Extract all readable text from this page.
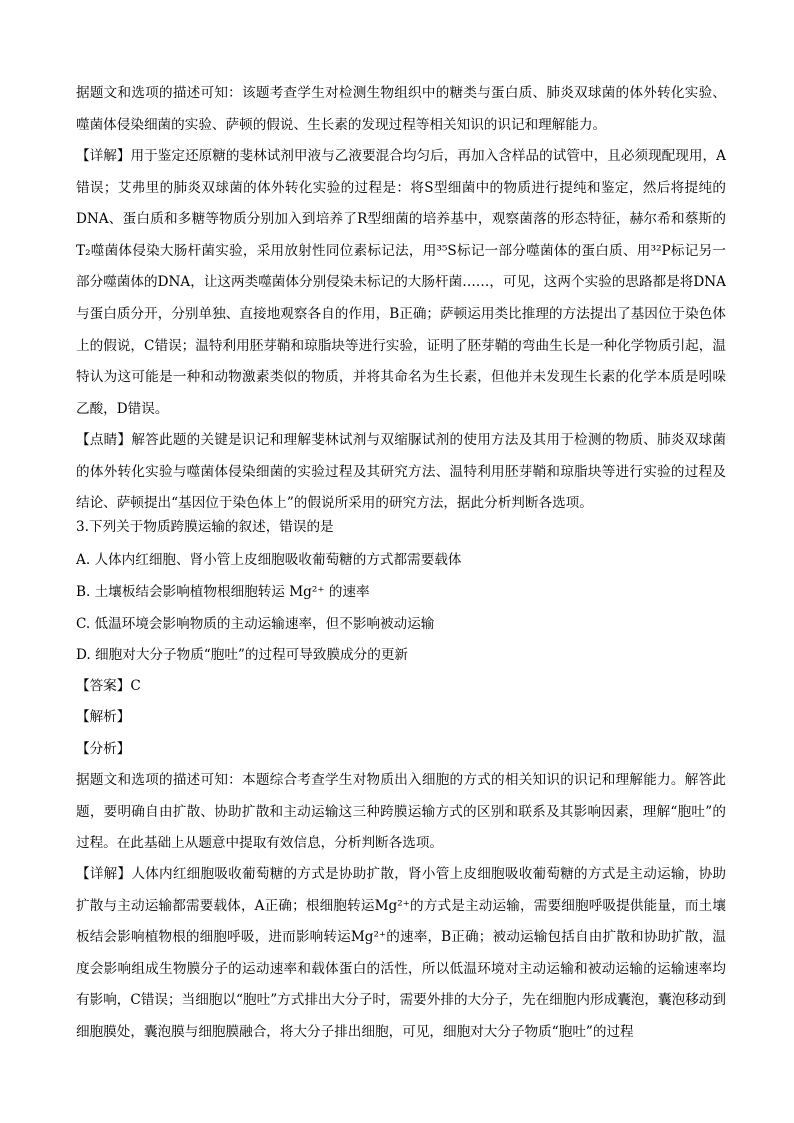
据题文和选项的描述可知：该题考查学生对检测生物组织中的糖类与蛋白质、肺炎双球菌的体外转化实验、噬菌体侵染细菌的实验、萨顿的假说、生长素的发现过程等相关知识的识记和理解能力。

【详解】用于鉴定还原糖的斐林试剂甲液与乙液要混合均匀后，再加入含样品的试管中，且必须现配现用，A错误；艾弗里的肺炎双球菌的体外转化实验的过程是：将S型细菌中的物质进行提纯和鉴定，然后将提纯的DNA、蛋白质和多糖等物质分别加入到培养了R型细菌的培养基中，观察菌落的形态特征，赫尔希和蔡斯的T₂噬菌体侵染大肠杆菌实验，采用放射性同位素标记法，用³⁵S标记一部分噬菌体的蛋白质、用³²P标记另一部分噬菌体的DNA，让这两类噬菌体分别侵染未标记的大肠杆菌……，可见，这两个实验的思路都是将DNA与蛋白质分开，分别单独、直接地观察各自的作用，B正确；萨顿运用类比推理的方法提出了基因位于染色体上的假说，C错误；温特利用胚芽鞘和琼脂块等进行实验，证明了胚芽鞘的弯曲生长是一种化学物质引起，温特认为这可能是一种和动物激素类似的物质，并将其命名为生长素，但他并未发现生长素的化学本质是吲哚乙酸，D错误。

【点睛】解答此题的关键是识记和理解斐林试剂与双缩脲试剂的使用方法及其用于检测的物质、肺炎双球菌的体外转化实验与噬菌体侵染细菌的实验过程及其研究方法、温特利用胚芽鞘和琼脂块等进行实验的过程及结论、萨顿提出“基因位于染色体上”的假说所采用的研究方法，据此分析判断各选项。

3.下列关于物质跨膜运输的叙述，错误的是

A. 人体内红细胞、肾小管上皮细胞吸收葡萄糖的方式都需要载体

B. 土壤板结会影响植物根细胞转运 Mg²⁺ 的速率

C. 低温环境会影响物质的主动运输速率，但不影响被动运输

D. 细胞对大分子物质“胞吐”的过程可导致膜成分的更新

【答案】C

【解析】

【分析】

据题文和选项的描述可知：本题综合考查学生对物质出入细胞的方式的相关知识的识记和理解能力。解答此题，要明确自由扩散、协助扩散和主动运输这三种跨膜运输方式的区别和联系及其影响因素，理解“胞吐”的过程。在此基础上从题意中提取有效信息，分析判断各选项。

【详解】人体内红细胞吸收葡萄糖的方式是协助扩散，肾小管上皮细胞吸收葡萄糖的方式是主动运输，协助扩散与主动运输都需要载体，A正确；根细胞转运Mg²⁺的方式是主动运输，需要细胞呼吸提供能量，而土壤板结会影响植物根的细胞呼吸，进而影响转运Mg²⁺的速率，B正确；被动运输包括自由扩散和协助扩散，温度会影响组成生物膜分子的运动速率和载体蛋白的活性，所以低温环境对主动运输和被动运输的运输速率均有影响，C错误；当细胞以“胞吐”方式排出大分子时，需要外排的大分子，先在细胞内形成囊泡，囊泡移动到细胞膜处，囊泡膜与细胞膜融合，将大分子排出细胞，可见，细胞对大分子物质“胞吐”的过程
